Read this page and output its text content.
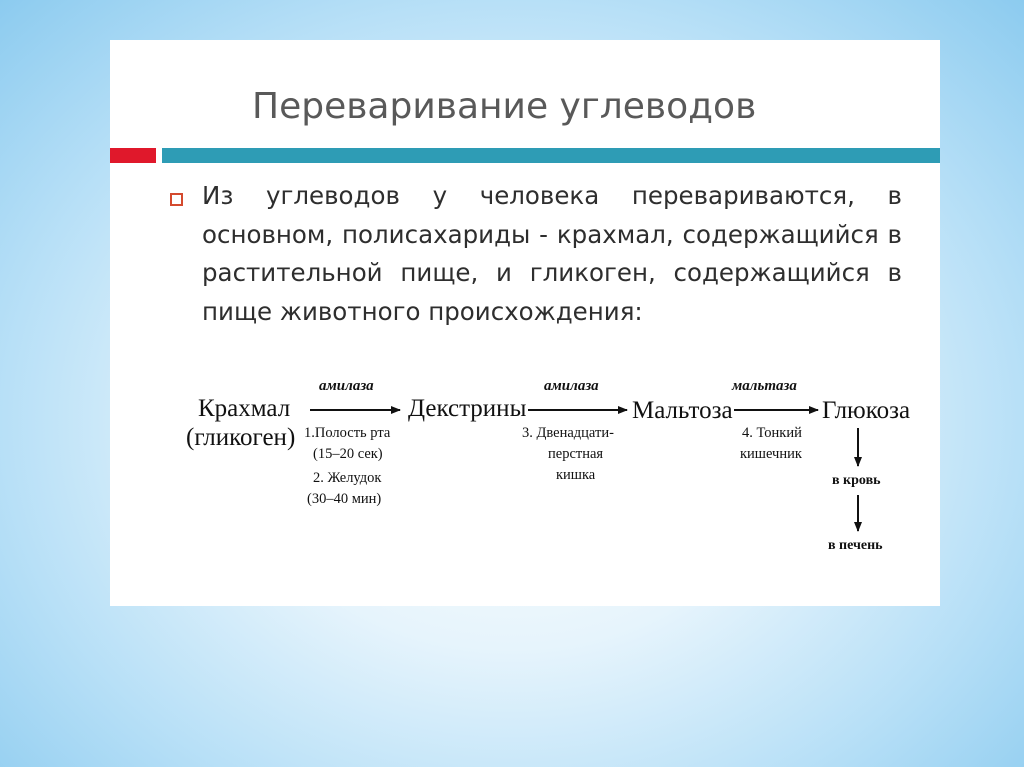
Переваривание углеводов
Из углеводов у человека перевариваются, в основном, полисахариды - крахмал, содержащийся в растительной пище, и гликоген, содержащийся в пище животного происхождения:
Крахмал
(гликоген)
амилаза
1.Полость рта
(15–20 сек)
2. Желудок
(30–40 мин)
Декстрины
амилаза
3. Двенадцати-
перстная
кишка
Мальтоза
мальтаза
4. Тонкий
кишечник
Глюкоза
в кровь
в печень
